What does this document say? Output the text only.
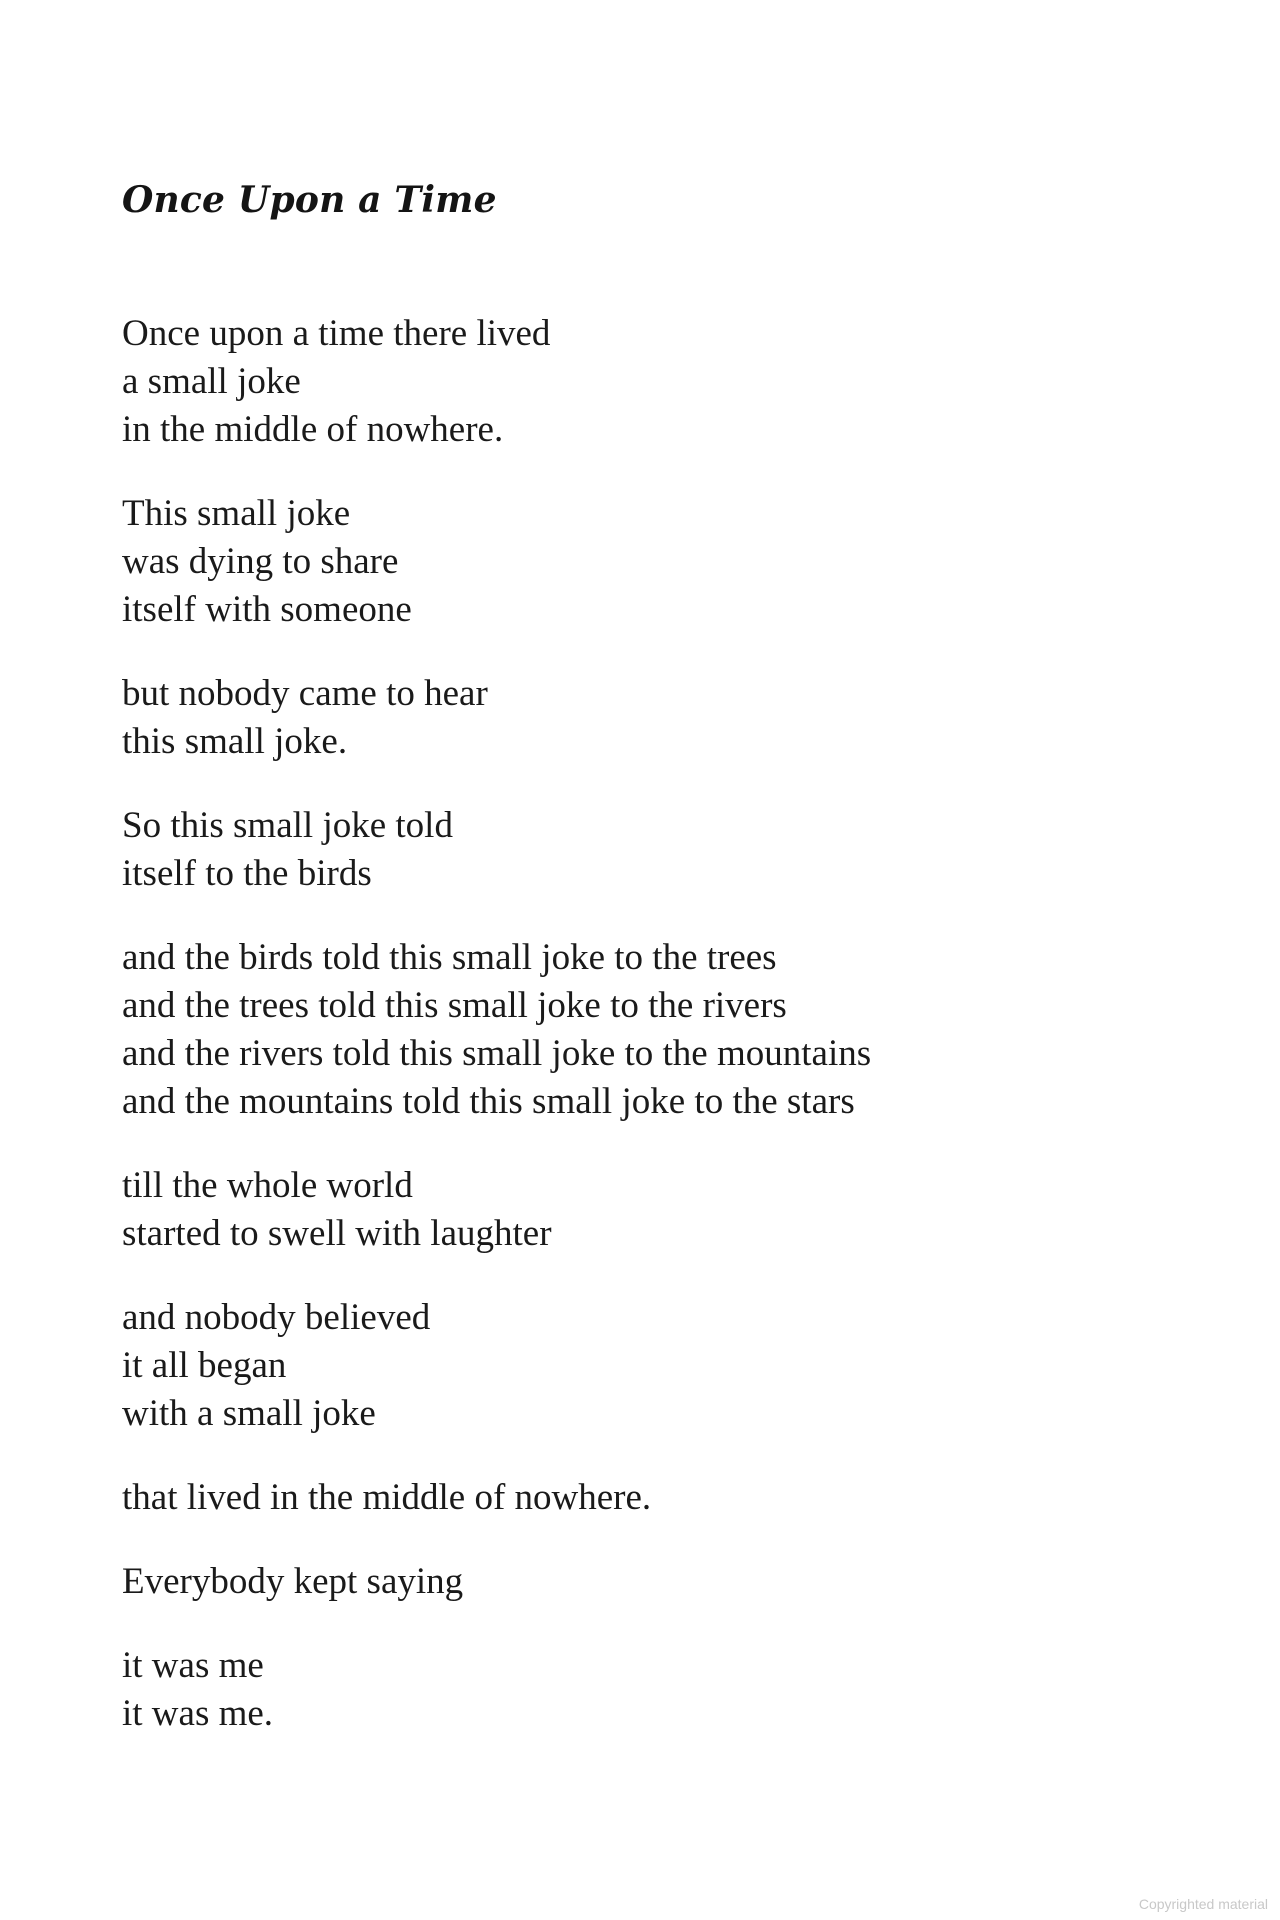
Once Upon a Time
Once upon a time there lived
a small joke
in the middle of nowhere.
This small joke
was dying to share
itself with someone
but nobody came to hear
this small joke.
So this small joke told
itself to the birds
and the birds told this small joke to the trees
and the trees told this small joke to the rivers
and the rivers told this small joke to the mountains
and the mountains told this small joke to the stars
till the whole world
started to swell with laughter
and nobody believed
it all began
with a small joke
that lived in the middle of nowhere.
Everybody kept saying
it was me
it was me.
Copyrighted material
